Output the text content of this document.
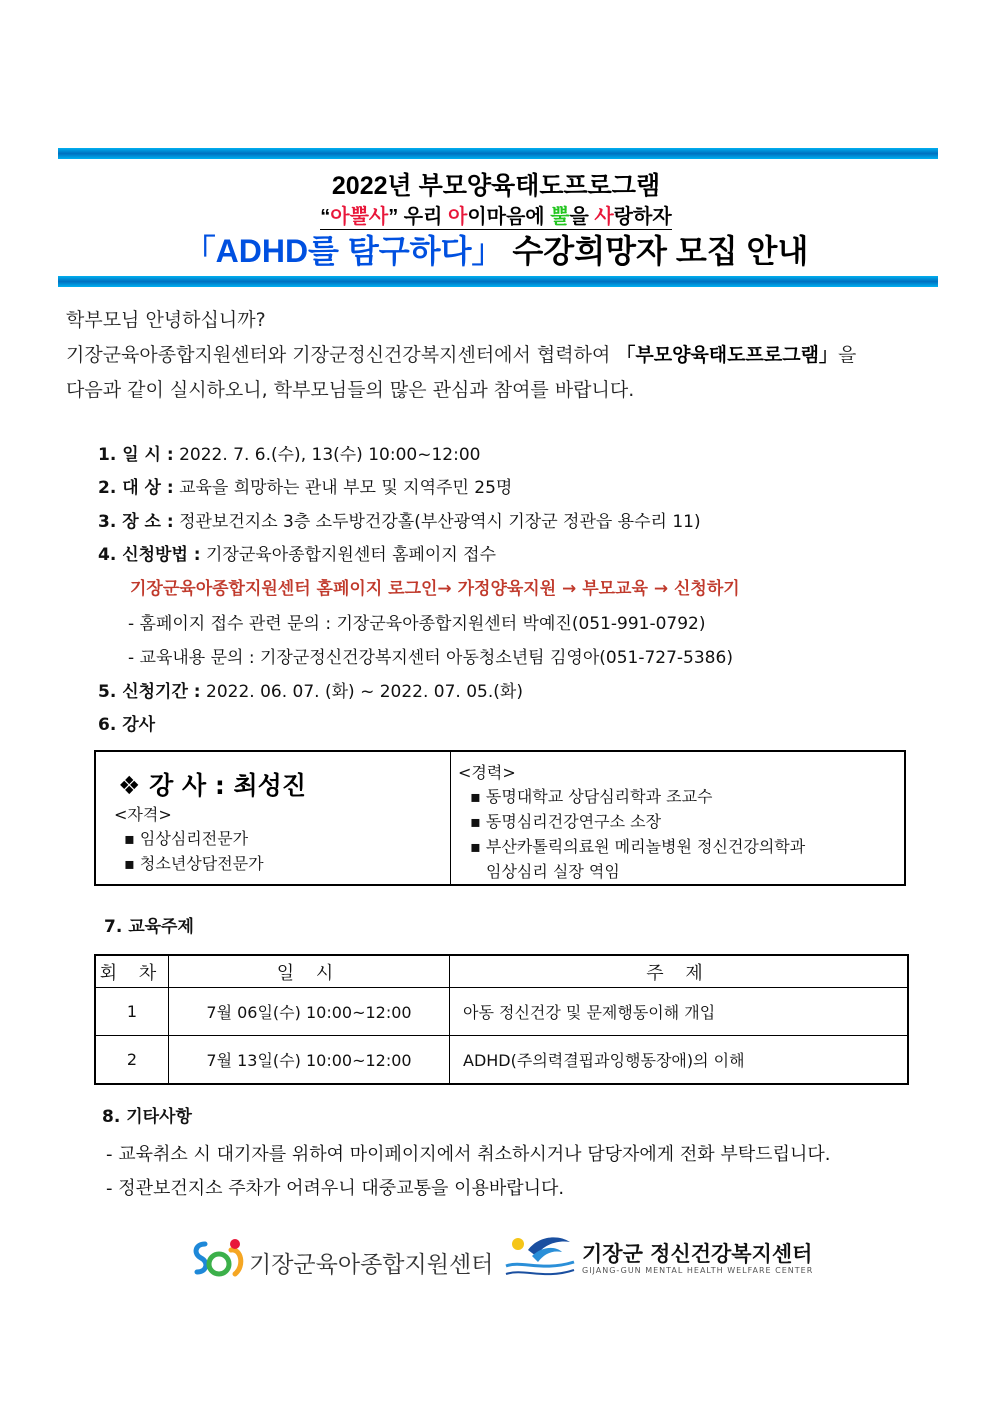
2022년 부모양육태도프로그램
“아뿔사” 우리 아이마음에 뿔을 사랑하자
「ADHD를 탐구하다」 수강희망자 모집 안내
학부모님 안녕하십니까?
기장군육아종합지원센터와 기장군정신건강복지센터에서 협력하여 「부모양육태도프로그램」을
다음과 같이 실시하오니, 학부모님들의 많은 관심과 참여를 바랍니다.
1. 일 시 : 2022. 7. 6.(수), 13(수) 10:00~12:00
2. 대 상 : 교육을 희망하는 관내 부모 및 지역주민 25명
3. 장 소 : 정관보건지소 3층 소두방건강홀(부산광역시 기장군 정관읍 용수리 11)
4. 신청방법 : 기장군육아종합지원센터 홈페이지 접수
기장군육아종합지원센터 홈페이지 로그인→ 가정양육지원 → 부모교육 → 신청하기
- 홈페이지 접수 관련 문의 : 기장군육아종합지원센터 박예진(051-991-0792)
- 교육내용 문의 : 기장군정신건강복지센터 아동청소년팀 김영아(051-727-5386)
5. 신청기간 : 2022. 06. 07. (화) ~ 2022. 07. 05.(화)
6. 강사
❖ 강 사 : 최성진
<자격>
▪ 임상심리전문가
▪ 청소년상담전문가
<경력>
▪ 동명대학교 상담심리학과 조교수
▪ 동명심리건강연구소 소장
▪ 부산카톨릭의료원 메리놀병원 정신건강의학과
임상심리 실장 역임
7. 교육주제
회 차	일 시	주 제
1	7월 06일(수) 10:00~12:00	아동 정신건강 및 문제행동이해 개입
2	7월 13일(수) 10:00~12:00	ADHD(주의력결핍과잉행동장애)의 이해
8. 기타사항
- 교육취소 시 대기자를 위하여 마이페이지에서 취소하시거나 담당자에게 전화 부탁드립니다.
- 정관보건지소 주차가 어려우니 대중교통을 이용바랍니다.
기장군육아종합지원센터	기장군 정신건강복지센터
GIJANG-GUN MENTAL HEALTH WELFARE CENTER
